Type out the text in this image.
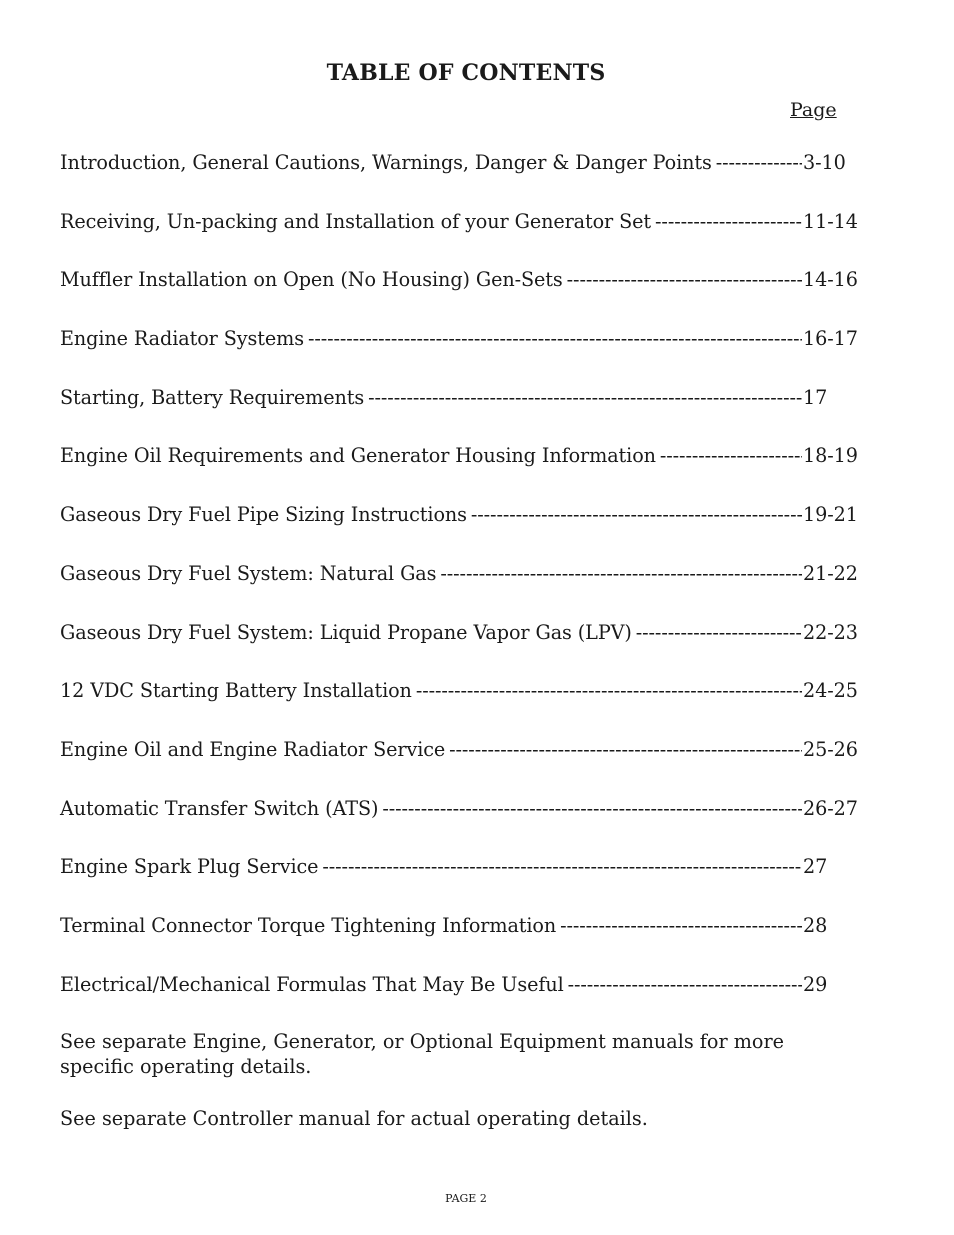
TABLE OF CONTENTS
Page
Introduction, General Cautions, Warnings, Danger & Danger Points -----	3-10
Receiving, Un-packing and Installation of your Generator Set -----	11-14
Muffler Installation on Open (No Housing) Gen-Sets -----	14-16
Engine Radiator Systems -----	16-17
Starting, Battery Requirements -----	17
Engine Oil Requirements and Generator Housing Information -----	18-19
Gaseous Dry Fuel Pipe Sizing Instructions -----	19-21
Gaseous Dry Fuel System: Natural Gas -----	21-22
Gaseous Dry Fuel System: Liquid Propane Vapor Gas (LPV) -----	22-23
12 VDC Starting Battery Installation -----	24-25
Engine Oil and Engine Radiator Service -----	25-26
Automatic Transfer Switch (ATS) -----	26-27
Engine Spark Plug Service -----	27
Terminal Connector Torque Tightening Information -----	28
Electrical/Mechanical Formulas That May Be Useful -----	29
See separate Engine, Generator, or Optional Equipment manuals for more specific operating details.
See separate Controller manual for actual operating details.
PAGE 2
